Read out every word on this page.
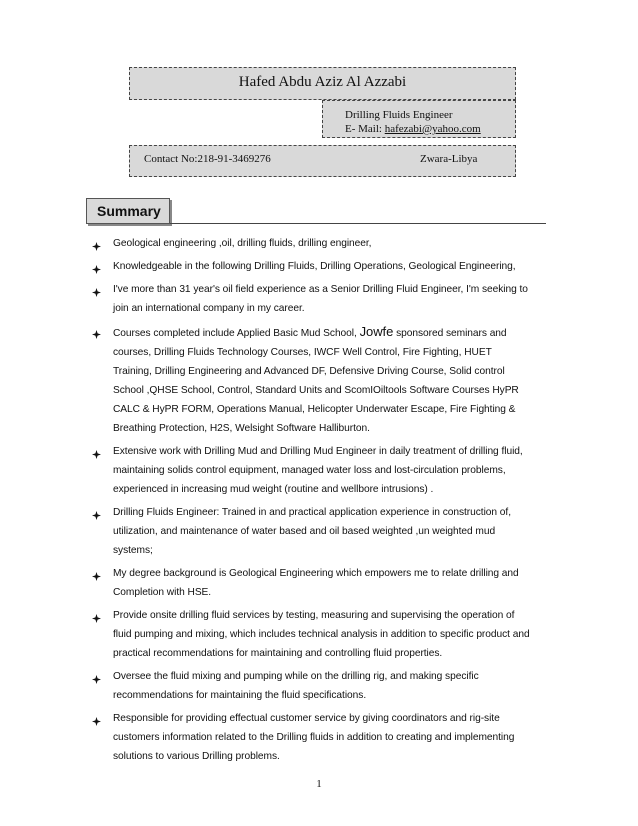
Hafed Abdu Aziz Al Azzabi
Drilling Fluids Engineer
E- Mail: hafezabi@yahoo.com
Contact No:218-91-3469276	Zwara-Libya
Summary
Geological engineering ,oil, drilling fluids, drilling engineer,
Knowledgeable in the following Drilling Fluids, Drilling Operations, Geological Engineering,
I've more than 31 year's oil field experience as a Senior Drilling Fluid Engineer, I'm seeking to
join an international company in my career.
Courses completed include Applied Basic Mud School, Jowfe sponsored seminars and
courses, Drilling Fluids Technology Courses, IWCF Well Control, Fire Fighting, HUET
Training, Drilling Engineering and Advanced DF, Defensive Driving Course, Solid control
School ,QHSE School, Control, Standard Units and ScomIOiltools Software Courses HyPR
CALC & HyPR FORM, Operations Manual, Helicopter Underwater Escape, Fire Fighting &
Breathing Protection, H2S, Welsight Software Halliburton.
Extensive work with Drilling Mud and Drilling Mud Engineer in daily treatment of drilling fluid,
maintaining solids control equipment, managed water loss and lost-circulation problems,
experienced in increasing mud weight (routine and wellbore intrusions) .
Drilling Fluids Engineer: Trained in and practical application experience in construction of,
utilization, and maintenance of water based and oil based weighted ,un weighted mud
systems;
My degree background is Geological Engineering which empowers me to relate drilling and
Completion with HSE.
Provide onsite drilling fluid services by testing, measuring and supervising the operation of
fluid pumping and mixing, which includes technical analysis in addition to specific product and
practical recommendations for maintaining and controlling fluid properties.
Oversee the fluid mixing and pumping while on the drilling rig, and making specific
recommendations for maintaining the fluid specifications.
Responsible for providing effectual customer service by giving coordinators and rig-site
customers information related to the Drilling fluids in addition to creating and implementing
solutions to various Drilling problems.
1
